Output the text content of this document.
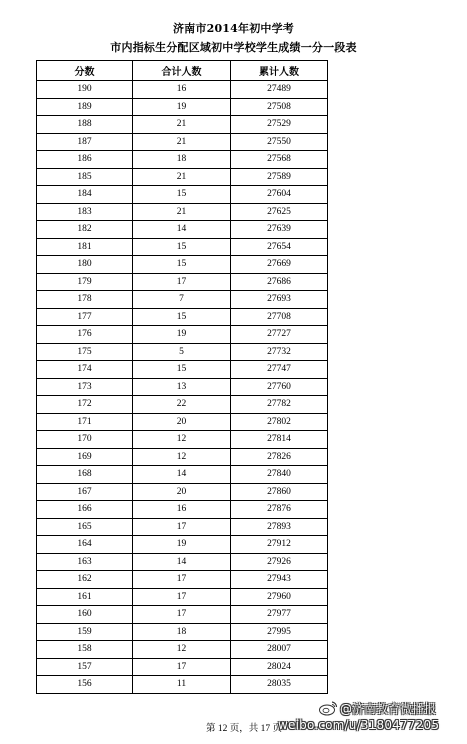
济南市2014年初中学考
市内指标生分配区域初中学校学生成绩一分一段表
分数	合计人数	累计人数
190	16	27489
189	19	27508
188	21	27529
187	21	27550
186	18	27568
185	21	27589
184	15	27604
183	21	27625
182	14	27639
181	15	27654
180	15	27669
179	17	27686
178	7	27693
177	15	27708
176	19	27727
175	5	27732
174	15	27747
173	13	27760
172	22	27782
171	20	27802
170	12	27814
169	12	27826
168	14	27840
167	20	27860
166	16	27876
165	17	27893
164	19	27912
163	14	27926
162	17	27943
161	17	27960
160	17	27977
159	18	27995
158	12	28007
157	17	28024
156	11	28035
第 12 页，共 17 页
@济南教育微播报
weibo.com/u/3180477205
